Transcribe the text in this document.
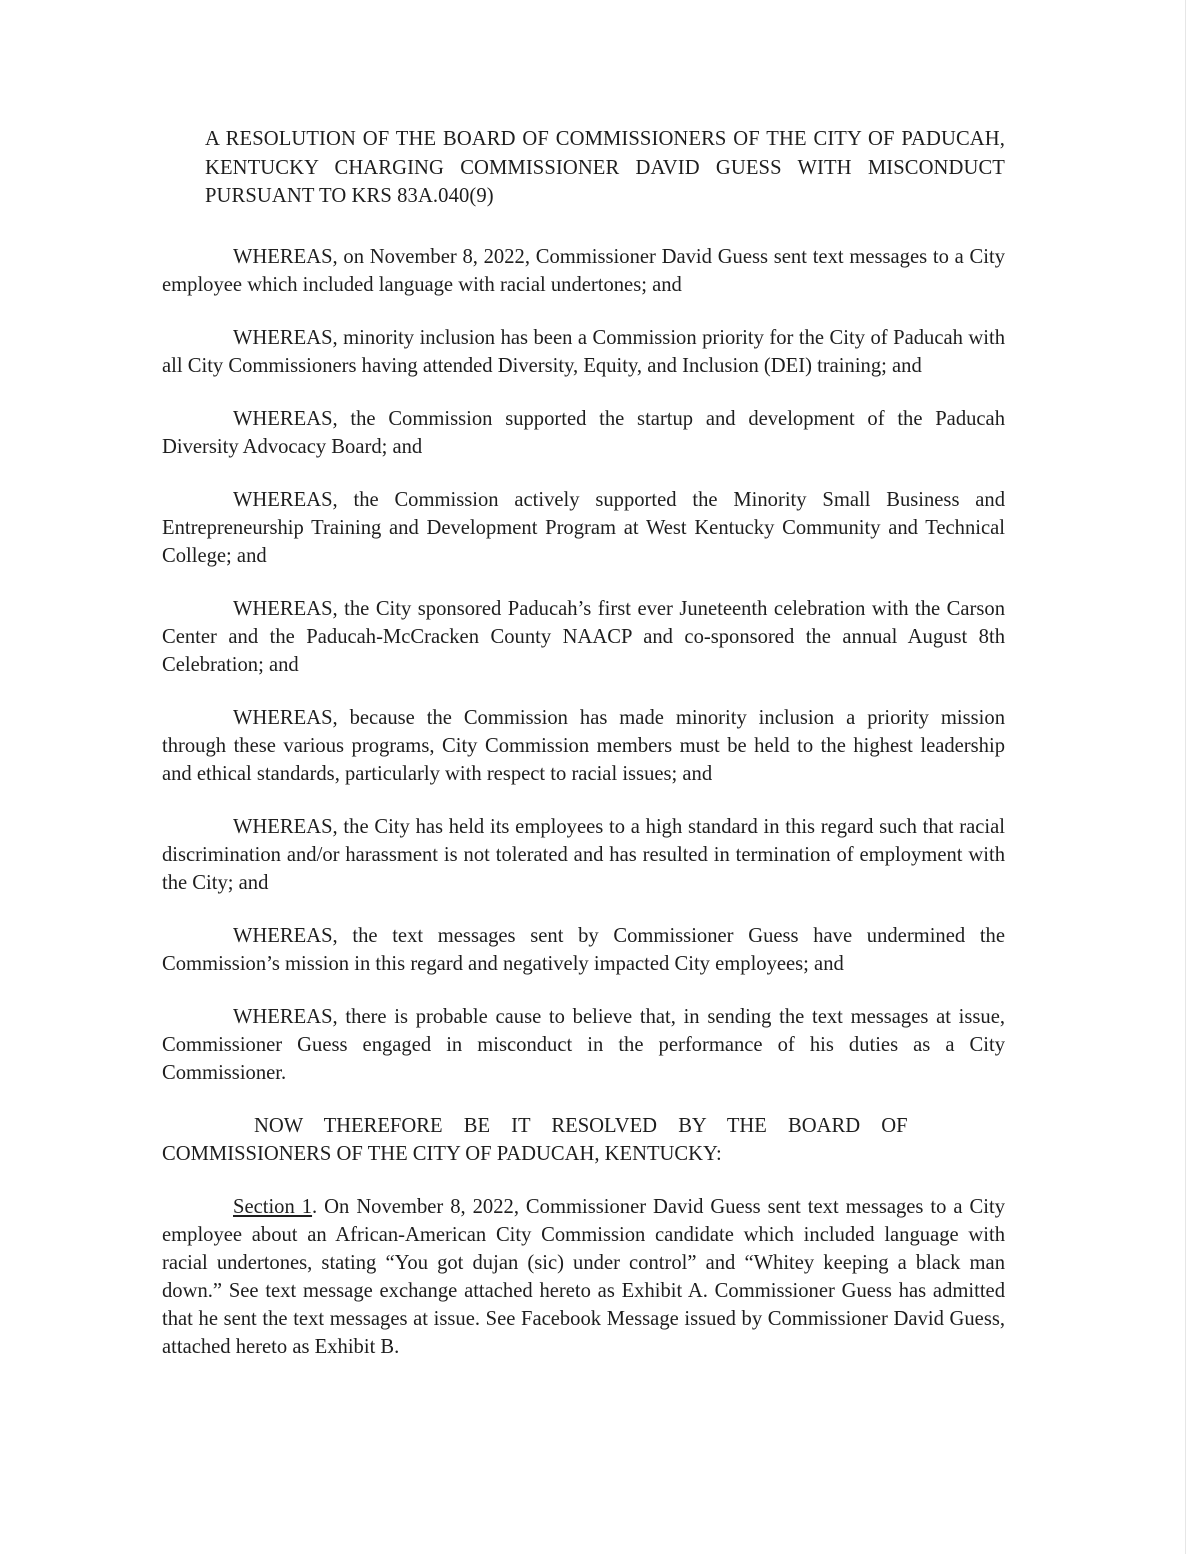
A RESOLUTION OF THE BOARD OF COMMISSIONERS OF THE CITY OF PADUCAH, KENTUCKY CHARGING COMMISSIONER DAVID GUESS WITH MISCONDUCT PURSUANT TO KRS 83A.040(9)

WHEREAS, on November 8, 2022, Commissioner David Guess sent text messages to a City employee which included language with racial undertones; and

WHEREAS, minority inclusion has been a Commission priority for the City of Paducah with all City Commissioners having attended Diversity, Equity, and Inclusion (DEI) training; and

WHEREAS, the Commission supported the startup and development of the Paducah Diversity Advocacy Board; and

WHEREAS, the Commission actively supported the Minority Small Business and Entrepreneurship Training and Development Program at West Kentucky Community and Technical College; and

WHEREAS, the City sponsored Paducah’s first ever Juneteenth celebration with the Carson Center and the Paducah-McCracken County NAACP and co-sponsored the annual August 8th Celebration; and

WHEREAS, because the Commission has made minority inclusion a priority mission through these various programs, City Commission members must be held to the highest leadership and ethical standards, particularly with respect to racial issues; and

WHEREAS, the City has held its employees to a high standard in this regard such that racial discrimination and/or harassment is not tolerated and has resulted in termination of employment with the City; and

WHEREAS, the text messages sent by Commissioner Guess have undermined the Commission’s mission in this regard and negatively impacted City employees; and

WHEREAS, there is probable cause to believe that, in sending the text messages at issue, Commissioner Guess engaged in misconduct in the performance of his duties as a City Commissioner.

NOW THEREFORE BE IT RESOLVED BY THE BOARD OF

COMMISSIONERS OF THE CITY OF PADUCAH, KENTUCKY:

Section 1. On November 8, 2022, Commissioner David Guess sent text messages to a City employee about an African-American City Commission candidate which included language with racial undertones, stating “You got dujan (sic) under control” and “Whitey keeping a black man down.” See text message exchange attached hereto as Exhibit A. Commissioner Guess has admitted that he sent the text messages at issue. See Facebook Message issued by Commissioner David Guess, attached hereto as Exhibit B.
